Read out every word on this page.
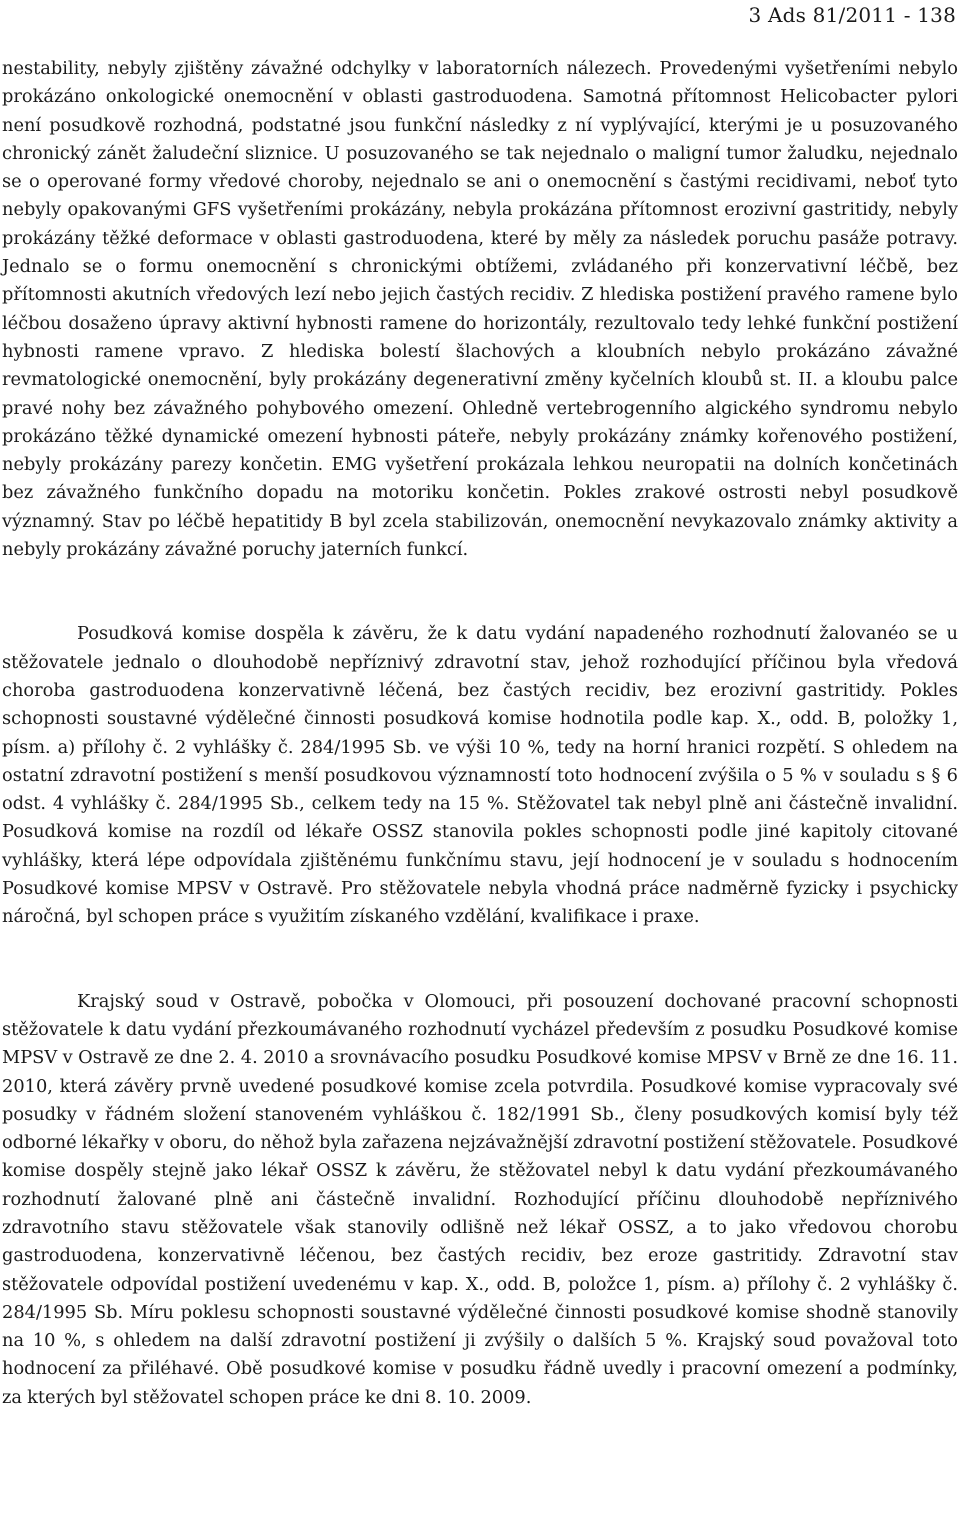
3 Ads 81/2011 - 138

nestability, nebyly zjištěny závažné odchylky v laboratorních nálezech. Provedenými vyšetřeními nebylo prokázáno onkologické onemocnění v oblasti gastroduodena. Samotná přítomnost Helicobacter pylori není posudkově rozhodná, podstatné jsou funkční následky z ní vyplývající, kterými je u posuzovaného chronický zánět žaludeční sliznice. U posuzovaného se tak nejednalo o maligní tumor žaludku, nejednalo se o operované formy vředové choroby, nejednalo se ani o onemocnění s častými recidivami, neboť tyto nebyly opakovanými GFS vyšetřeními prokázány, nebyla prokázána přítomnost erozivní gastritidy, nebyly prokázány těžké deformace v oblasti gastroduodena, které by měly za následek poruchu pasáže potravy. Jednalo se o formu onemocnění s chronickými obtížemi, zvládaného při konzervativní léčbě, bez přítomnosti akutních vředových lezí nebo jejich častých recidiv. Z hlediska postižení pravého ramene bylo léčbou dosaženo úpravy aktivní hybnosti ramene do horizontály, rezultovalo tedy lehké funkční postižení hybnosti ramene vpravo. Z hlediska bolestí šlachových a kloubních nebylo prokázáno závažné revmatologické onemocnění, byly prokázány degenerativní změny kyčelních kloubů st. II. a kloubu palce pravé nohy bez závažného pohybového omezení. Ohledně vertebrogenního algického syndromu nebylo prokázáno těžké dynamické omezení hybnosti páteře, nebyly prokázány známky kořenového postižení, nebyly prokázány parezy končetin. EMG vyšetření prokázala lehkou neuropatii na dolních končetinách bez závažného funkčního dopadu na motoriku končetin. Pokles zrakové ostrosti nebyl posudkově významný. Stav po léčbě hepatitidy B byl zcela stabilizován, onemocnění nevykazovalo známky aktivity a nebyly prokázány závažné poruchy jaterních funkcí.

Posudková komise dospěla k závěru, že k datu vydání napadeného rozhodnutí žalovanéo se u stěžovatele jednalo o dlouhodobě nepříznivý zdravotní stav, jehož rozhodující příčinou byla vředová choroba gastroduodena konzervativně léčená, bez častých recidiv, bez erozivní gastritidy. Pokles schopnosti soustavné výdělečné činnosti posudková komise hodnotila podle kap. X., odd. B, položky 1, písm. a) přílohy č. 2 vyhlášky č. 284/1995 Sb. ve výši 10 %, tedy na horní hranici rozpětí. S ohledem na ostatní zdravotní postižení s menší posudkovou významností toto hodnocení zvýšila o 5 % v souladu s § 6 odst. 4 vyhlášky č. 284/1995 Sb., celkem tedy na 15 %. Stěžovatel tak nebyl plně ani částečně invalidní. Posudková komise na rozdíl od lékaře OSSZ stanovila pokles schopnosti podle jiné kapitoly citované vyhlášky, která lépe odpovídala zjištěnému funkčnímu stavu, její hodnocení je v souladu s hodnocením Posudkové komise MPSV v Ostravě. Pro stěžovatele nebyla vhodná práce nadměrně fyzicky i psychicky náročná, byl schopen práce s využitím získaného vzdělání, kvalifikace i praxe.

Krajský soud v Ostravě, pobočka v Olomouci, při posouzení dochované pracovní schopnosti stěžovatele k datu vydání přezkoumávaného rozhodnutí vycházel především z posudku Posudkové komise MPSV v Ostravě ze dne 2. 4. 2010 a srovnávacího posudku Posudkové komise MPSV v Brně ze dne 16. 11. 2010, která závěry prvně uvedené posudkové komise zcela potvrdila. Posudkové komise vypracovaly své posudky v řádném složení stanoveném vyhláškou č. 182/1991 Sb., členy posudkových komisí byly též odborné lékařky v oboru, do něhož byla zařazena nejzávažnější zdravotní postižení stěžovatele. Posudkové komise dospěly stejně jako lékař OSSZ k závěru, že stěžovatel nebyl k datu vydání přezkoumávaného rozhodnutí žalované plně ani částečně invalidní. Rozhodující příčinu dlouhodobě nepříznivého zdravotního stavu stěžovatele však stanovily odlišně než lékař OSSZ, a to jako vředovou chorobu gastroduodena, konzervativně léčenou, bez častých recidiv, bez eroze gastritidy. Zdravotní stav stěžovatele odpovídal postižení uvedenému v kap. X., odd. B, položce 1, písm. a) přílohy č. 2 vyhlášky č. 284/1995 Sb. Míru poklesu schopnosti soustavné výdělečné činnosti posudkové komise shodně stanovily na 10 %, s ohledem na další zdravotní postižení ji zvýšily o dalších 5 %. Krajský soud považoval toto hodnocení za přiléhavé. Obě posudkové komise v posudku řádně uvedly i pracovní omezení a podmínky, za kterých byl stěžovatel schopen práce ke dni 8. 10. 2009.
